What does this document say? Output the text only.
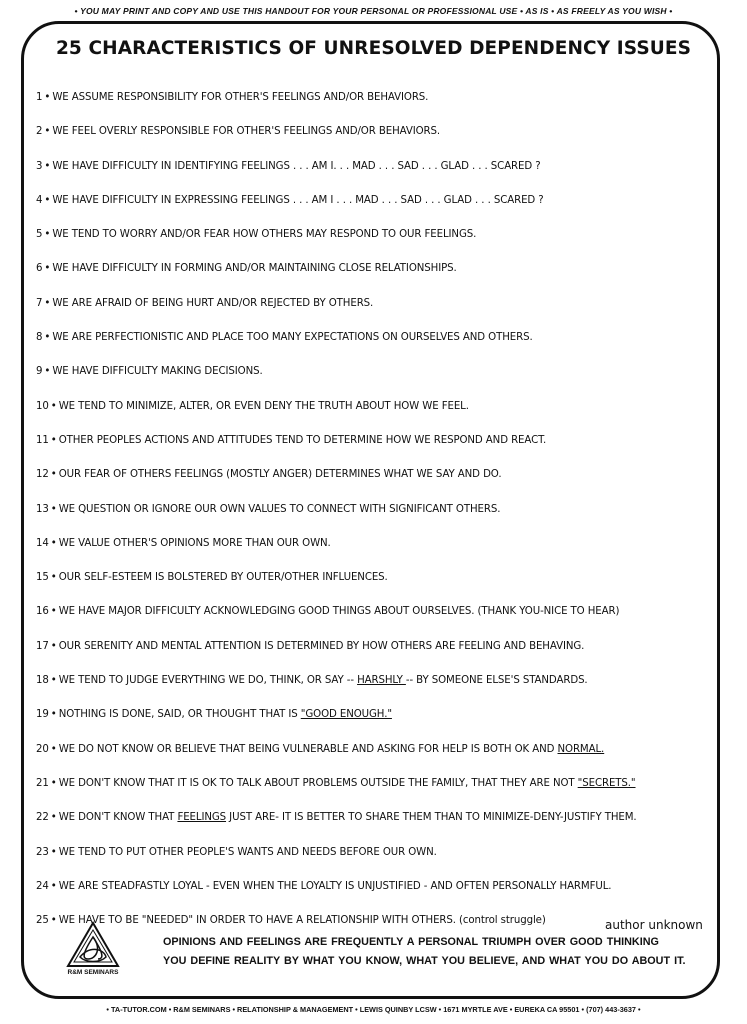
• YOU MAY PRINT AND COPY AND USE THIS HANDOUT FOR YOUR PERSONAL OR PROFESSIONAL USE • AS IS • AS FREELY AS YOU WISH •
25 CHARACTERISTICS OF UNRESOLVED DEPENDENCY ISSUES
1 • WE ASSUME RESPONSIBILITY FOR OTHER'S FEELINGS AND/OR BEHAVIORS.
2 • WE FEEL OVERLY RESPONSIBLE FOR OTHER'S FEELINGS AND/OR BEHAVIORS.
3 • WE HAVE DIFFICULTY IN IDENTIFYING FEELINGS . . . AM I. . . MAD . . . SAD . . . GLAD . . . SCARED ?
4 • WE HAVE DIFFICULTY IN EXPRESSING FEELINGS . . . AM I . . . MAD . . . SAD . . . GLAD . . . SCARED ?
5 • WE TEND TO WORRY AND/OR FEAR HOW OTHERS MAY RESPOND TO OUR FEELINGS.
6 • WE HAVE DIFFICULTY IN FORMING AND/OR MAINTAINING CLOSE RELATIONSHIPS.
7 • WE ARE AFRAID OF BEING HURT AND/OR REJECTED BY OTHERS.
8 • WE ARE PERFECTIONISTIC AND PLACE TOO MANY EXPECTATIONS ON OURSELVES AND OTHERS.
9 • WE HAVE DIFFICULTY MAKING DECISIONS.
10 • WE TEND TO MINIMIZE, ALTER, OR EVEN DENY THE TRUTH ABOUT HOW WE FEEL.
11 • OTHER PEOPLES ACTIONS AND ATTITUDES TEND TO DETERMINE HOW WE RESPOND AND REACT.
12 • OUR FEAR OF OTHERS FEELINGS (MOSTLY ANGER) DETERMINES WHAT WE SAY AND DO.
13 • WE QUESTION OR IGNORE OUR OWN VALUES TO CONNECT WITH SIGNIFICANT OTHERS.
14 • WE VALUE OTHER'S OPINIONS MORE THAN OUR OWN.
15 • OUR SELF-ESTEEM IS BOLSTERED BY OUTER/OTHER INFLUENCES.
16 • WE HAVE MAJOR DIFFICULTY ACKNOWLEDGING GOOD THINGS ABOUT OURSELVES. (THANK YOU-NICE TO HEAR)
17 • OUR SERENITY AND MENTAL ATTENTION IS DETERMINED BY HOW OTHERS ARE FEELING AND BEHAVING.
18 • WE TEND TO JUDGE EVERYTHING WE DO, THINK, OR SAY -- HARSHLY -- BY SOMEONE ELSE'S STANDARDS.
19 • NOTHING IS DONE, SAID, OR THOUGHT THAT IS "GOOD ENOUGH."
20 • WE DO NOT KNOW OR BELIEVE THAT BEING VULNERABLE AND ASKING FOR HELP IS BOTH OK AND NORMAL.
21 • WE DON'T KNOW THAT IT IS OK TO TALK ABOUT PROBLEMS OUTSIDE THE FAMILY, THAT THEY ARE NOT "SECRETS."
22 • WE DON'T KNOW THAT FEELINGS JUST ARE- IT IS BETTER TO SHARE THEM THAN TO MINIMIZE-DENY-JUSTIFY THEM.
23 • WE TEND TO PUT OTHER PEOPLE'S WANTS AND NEEDS BEFORE OUR OWN.
24 • WE ARE STEADFASTLY LOYAL - EVEN WHEN THE LOYALTY IS UNJUSTIFIED - AND OFTEN PERSONALLY HARMFUL.
25 • WE HAVE TO BE "NEEDED" IN ORDER TO HAVE A RELATIONSHIP WITH OTHERS. (control struggle)	author unknown
R&M SEMINARS
OPINIONS AND FEELINGS ARE FREQUENTLY A PERSONAL TRIUMPH OVER GOOD THINKING
YOU DEFINE REALITY BY WHAT YOU KNOW, WHAT YOU BELIEVE, AND WHAT YOU DO ABOUT IT.
• TA-TUTOR.COM • R&M SEMINARS • RELATIONSHIP & MANAGEMENT • LEWIS QUINBY LCSW • 1671 MYRTLE AVE • EUREKA CA 95501 • (707) 443-3637 •
